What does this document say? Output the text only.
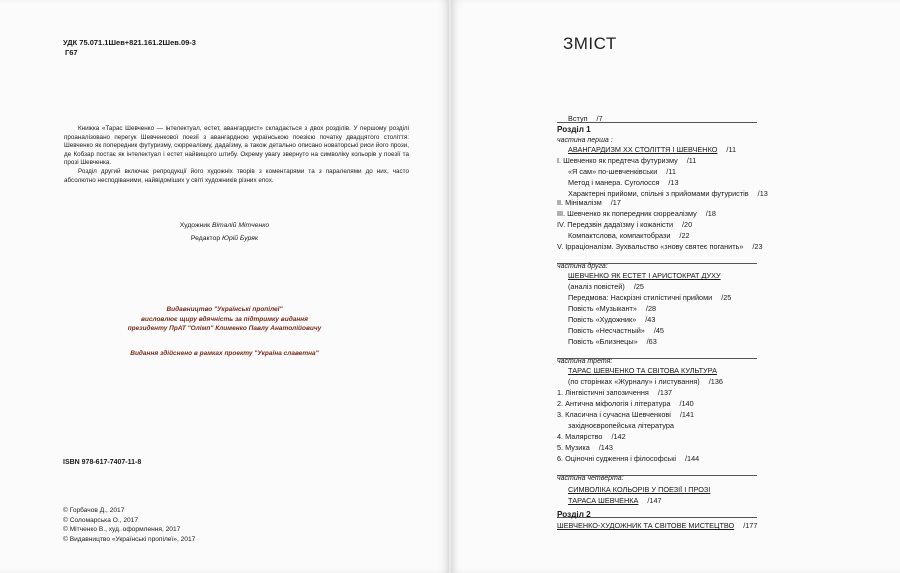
УДК 75.071.1Шев+821.161.2Шев.09-3
Г67

Книжка «Тарас Шевченко — інтелектуал, естет, авангардист» складається з двох розділів. У першому розділі проаналізовано перегук Шевченкової поезії з авангардною українською поезією початку двадцятого століття: Шевченко як попередник футуризму, сюрреалізму, дадаїзму, а також детально описано новаторські риси його прози, де Кобзар постає як інтелектуал і естет найвищого штибу. Окрему увагу звернуто на символіку кольорів у поезії та прозі Шевченка.

Розділ другий включає репродукції його художніх творів з коментарями та з паралелями до них, часто абсолютно несподіваними, найвідоміших у світі художників різних епох.

Художник Віталій Мітченко
Редактор Юрій Буряк
Видавництво "Українські пропілеї"
висловлює щиру вдячність за підтримку видання
президенту ПрАТ "Олімп" Клименко Павлу Анатолійовичу
Видання здійснено в рамках проекту "Україна славетна"
ISBN 978-617-7407-11-8
© Горбачов Д., 2017
© Соломарська О., 2017
© Мітченко В., худ. оформлення, 2017
© Видавництво «Українські пропілеї», 2017
Вступ /7
Розділ 1
частина перша :
АВАНГАРДИЗМ ХХ СТОЛІТТЯ І ШЕВЧЕНКО /11
І. Шевченко як предтеча футуризму /11
«Я сам» по-шевченківськи /11
Метод і манера. Суголосся /13
Характерні прийоми, спільні з прийомами футуристів /13
II. Мінімалізм /17
III. Шевченко як попередник сюрреалізму /18
IV. Передзвін дадаїзму і кожаністи /20
Компактслова, компактобрази /22
V. Ірраціоналізм. Зухвальство «знову святеє поганить» /23
частина друга:
ШЕВЧЕНКО ЯК ЕСТЕТ І АРИСТОКРАТ ДУХУ
(аналіз повістей) /25
Передмова: Наскрізні стилістичні прийоми /25
Повість «Музыкант» /28
Повість «Художник» /43
Повість «Несчастный» /45
Повість «Близнецы» /63
частина третя:
ТАРАС ШЕВЧЕНКО ТА СВІТОВА КУЛЬТУРА
(по сторінках «Журналу» і листування) /136
1. Лінгвістичні запозичення /137
2. Антична міфологія і література /140
3. Класична і сучасна Шевченкові /141
західноєвропейська література
4. Малярство /142
5. Музика /143
6. Оціночні судження і філософські /144
частина четверта:
СИМВОЛІКА КОЛЬОРІВ У ПОЕЗІЇ І ПРОЗІ
ТАРАСА ШЕВЧЕНКА /147
Розділ 2
ШЕВЧЕНКО-ХУДОЖНИК ТА СВІТОВЕ МИСТЕЦТВО /177
ЗМІСТ
